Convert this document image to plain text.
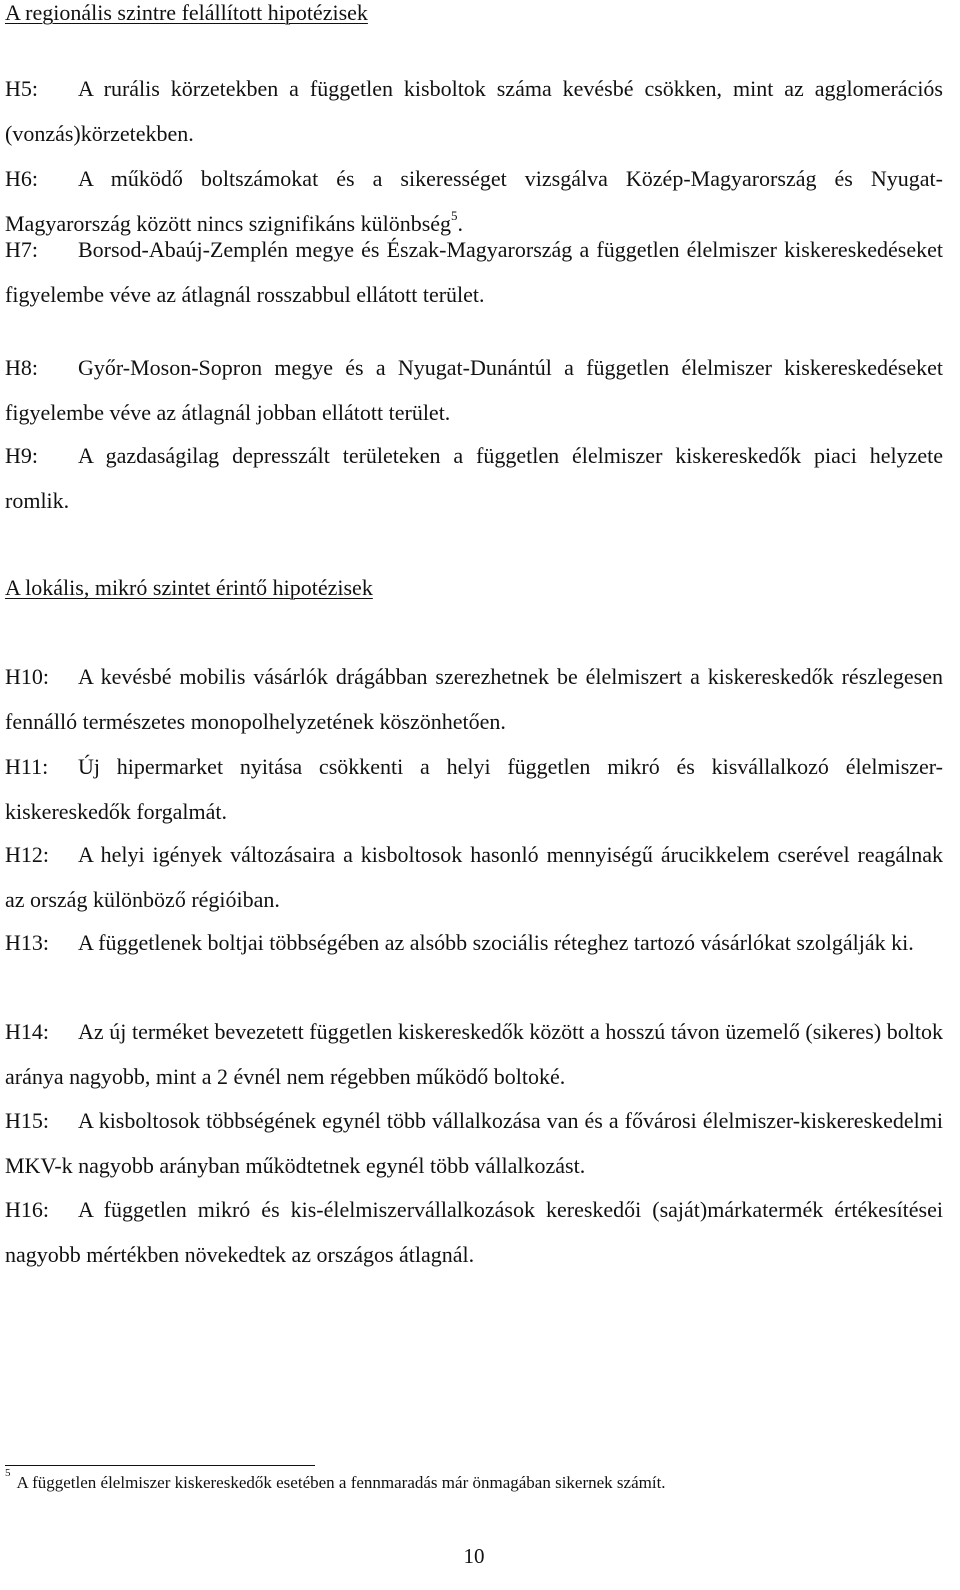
A regionális szintre felállított hipotézisek
H5: A rurális körzetekben a független kisboltok száma kevésbé csökken, mint az agglomerációs (vonzás)körzetekben.
H6: A működő boltszámokat és a sikerességet vizsgálva Közép-Magyarország és Nyugat-Magyarország között nincs szignifikáns különbség$^5$.
H7: Borsod-Abaúj-Zemplén megye és Észak-Magyarország a független élelmiszer kiskereskedéseket figyelembe véve az átlagnál rosszabbul ellátott terület.
H8: Győr-Moson-Sopron megye és a Nyugat-Dunántúl a független élelmiszer kiskereskedéseket figyelembe véve az átlagnál jobban ellátott terület.
H9: A gazdaságilag depresszált területeken a független élelmiszer kiskereskedők piaci helyzete romlik.
A lokális, mikró szintet érintő hipotézisek
H10: A kevésbé mobilis vásárlók drágábban szerezhetnek be élelmiszert a kiskereskedők részlegesen fennálló természetes monopolhelyzetének köszönhetően.
H11: Új hipermarket nyitása csökkenti a helyi független mikró és kisvállalkozó élelmiszer-kiskereskedők forgalmát.
H12: A helyi igények változásaira a kisboltosok hasonló mennyiségű árucikkelem cserével reagálnak az ország különböző régióiban.
H13: A függetlenek boltjai többségében az alsóbb szociális réteghez tartozó vásárlókat szolgálják ki.
H14: Az új terméket bevezetett független kiskereskedők között a hosszú távon üzemelő (sikeres) boltok aránya nagyobb, mint a 2 évnél nem régebben működő boltoké.
H15: A kisboltosok többségének egynél több vállalkozása van és a fővárosi élelmiszer-kiskereskedelmi MKV-k nagyobb arányban működtetnek egynél több vállalkozást.
H16: A független mikró és kis-élelmiszervállalkozások kereskedői (saját)márkatermék értékesítései nagyobb mértékben növekedtek az országos átlagnál.
$^5$ A független élelmiszer kiskereskedők esetében a fennmaradás már önmagában sikernek számít.
10
